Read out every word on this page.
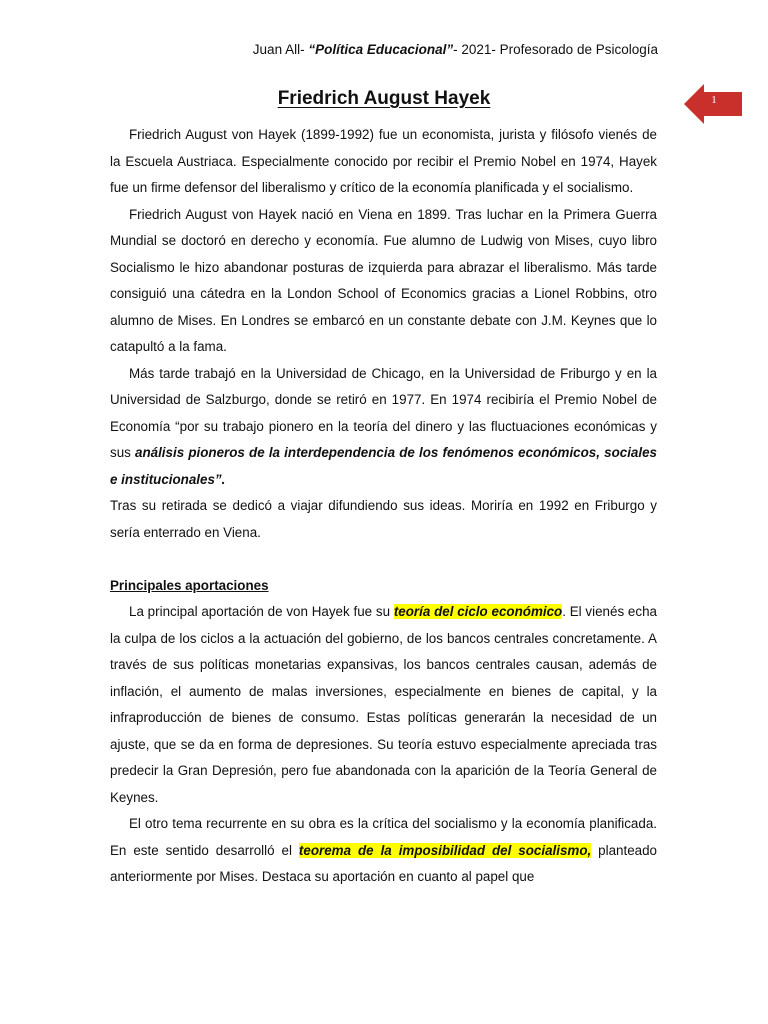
Juan All- “Política Educacional”- 2021- Profesorado de Psicología
1
Friedrich August Hayek

Friedrich August von Hayek (1899-1992) fue un economista, jurista y filósofo vienés de la Escuela Austriaca. Especialmente conocido por recibir el Premio Nobel en 1974, Hayek fue un firme defensor del liberalismo y crítico de la economía planificada y el socialismo.

Friedrich August von Hayek nació en Viena en 1899. Tras luchar en la Primera Guerra Mundial se doctoró en derecho y economía. Fue alumno de Ludwig von Mises, cuyo libro Socialismo le hizo abandonar posturas de izquierda para abrazar el liberalismo. Más tarde consiguió una cátedra en la London School of Economics gracias a Lionel Robbins, otro alumno de Mises. En Londres se embarcó en un constante debate con J.M. Keynes que lo catapultó a la fama.

Más tarde trabajó en la Universidad de Chicago, en la Universidad de Friburgo y en la Universidad de Salzburgo, donde se retiró en 1977. En 1974 recibiría el Premio Nobel de Economía “por su trabajo pionero en la teoría del dinero y las fluctuaciones económicas y sus análisis pioneros de la interdependencia de los fenómenos económicos, sociales e institucionales”.

Tras su retirada se dedicó a viajar difundiendo sus ideas. Moriría en 1992 en Friburgo y sería enterrado en Viena.

Principales aportaciones

La principal aportación de von Hayek fue su teoría del ciclo económico. El vienés echa la culpa de los ciclos a la actuación del gobierno, de los bancos centrales concretamente. A través de sus políticas monetarias expansivas, los bancos centrales causan, además de inflación, el aumento de malas inversiones, especialmente en bienes de capital, y la infraproducción de bienes de consumo. Estas políticas generarán la necesidad de un ajuste, que se da en forma de depresiones. Su teoría estuvo especialmente apreciada tras predecir la Gran Depresión, pero fue abandonada con la aparición de la Teoría General de Keynes.

El otro tema recurrente en su obra es la crítica del socialismo y la economía planificada. En este sentido desarrolló el teorema de la imposibilidad del socialismo, planteado anteriormente por Mises. Destaca su aportación en cuanto al papel que
